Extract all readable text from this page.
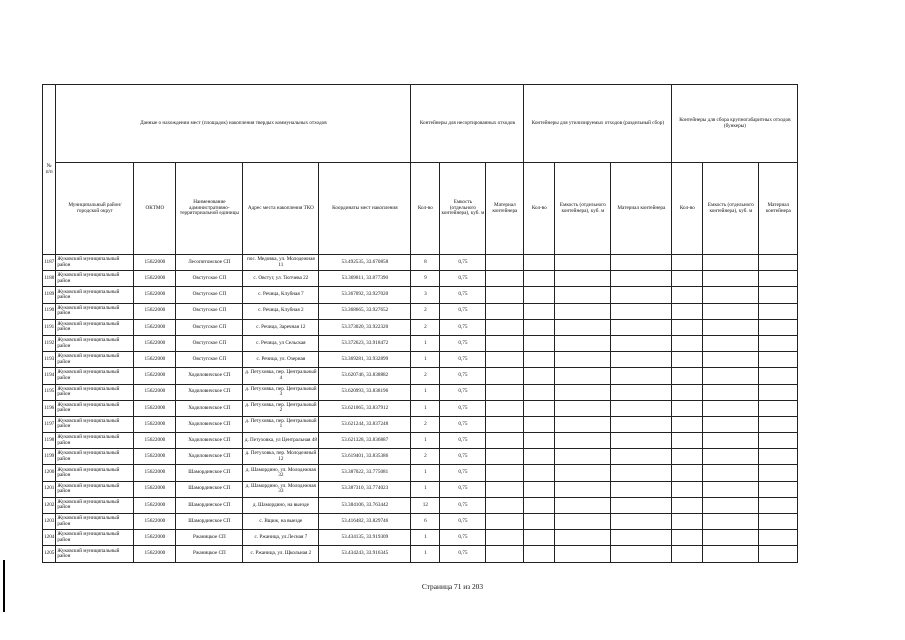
№ п/п	Данные о нахождении мест (площадок) накопления твердых коммунальных отходов					Контейнеры для несортированных отходов			Контейнеры для утилизируемых отходов (раздельный сбор)			Контейнеры для сбора крупногабаритных отходов (бункеры)		
	Муниципальный район/городской округ	ОКТМО	Наименование административно-территориальной единицы	Адрес места накопления ТКО	Координаты мест накопления	Кол-во	Емкость (отдельного контейнера), куб. м	Материал контейнера	Кол-во	Емкость (отдельного контейнера), куб. м	Материал контейнера	Кол-во	Емкость (отдельного контейнера), куб. м	Материал контейнера
1187	Жуковский муниципальный район	15622000	Лесопитомское СП	пос. Медовка, ул. Молодежная 11	53.492535, 33.670858	8	0,75							
1188	Жуковский муниципальный район	15622000	Овстугское СП	с. Овстуг, ул. Тютчева 22	53.369811, 33.877390	9	0,75							
1189	Жуковский муниципальный район	15622000	Овстугское СП	с. Речица, Клубная 7	53.367092, 33.927020	3	0,75							
1190	Жуковский муниципальный район	15622000	Овстугское СП	с. Речица, Клубная 2	53.368665, 33.927652	2	0,75							
1191	Жуковский муниципальный район	15622000	Овстугское СП	с. Речица, Заречная 12	53.373020, 33.922320	2	0,75							
1192	Жуковский муниципальный район	15622000	Овстугское СП	с. Речица, ул Сельская	53.372623, 33.918472	1	0,75							
1193	Жуковский муниципальный район	15622000	Овстугское СП	с. Речица, ул. Озерная	53.369281, 33.932899	1	0,75							
1194	Жуковский муниципальный район	15622000	Ходиловичское СП	д. Петуховка, пер. Центральный 4	53.620746, 33.838882	2	0,75							
1195	Жуковский муниципальный район	15622000	Ходиловичское СП	д. Петуховка, пер. Центральный 3	53.620993, 33.838196	1	0,75							
1196	Жуковский муниципальный район	15622000	Ходиловичское СП	д. Петуховка, пер. Центральный 2	53.621065, 33.837912	1	0,75							
1197	Жуковский муниципальный район	15622000	Ходиловичское СП	д. Петуховка, пер. Центральный 1	53.621244, 33.837248	2	0,75							
1198	Жуковский муниципальный район	15622000	Ходиловичское СП	д. Петуховка, ул Центральная 48	53.621328, 33.836887	1	0,75							
1199	Жуковский муниципальный район	15622000	Ходиловичское СП	д. Петуховка, пер. Молодежный 12	53.619401, 33.835386	2	0,75							
1200	Жуковский муниципальный район	15622000	Шамординское СП	д. Шамордино, ул. Молодежная 32	53.387022, 33.775081	1	0,75							
1201	Жуковский муниципальный район	15622000	Шамординское СП	д. Шамордино, ул. Молодежная 33	53.387310, 33.774023	1	0,75							
1202	Жуковский муниципальный район	15622000	Шамординское СП	д. Шамордино, на выезде	53.384106, 33.763442	12	0,75							
1203	Жуковский муниципальный район	15622000	Шамординское СП	с. Вщиж, на выезде	53.416482, 33.829746	6	0,75							
1204	Жуковский муниципальный район	15622000	Ржаницкое СП	с. Ржаница, ул.Лесная 7	53.434135, 33.919309	1	0,75							
1205	Жуковский муниципальный район	15622000	Ржаницкое СП	с. Ржаница, ул. Щкольная 2	53.434243, 33.916345	1	0,75							
Страница 71 из 203
